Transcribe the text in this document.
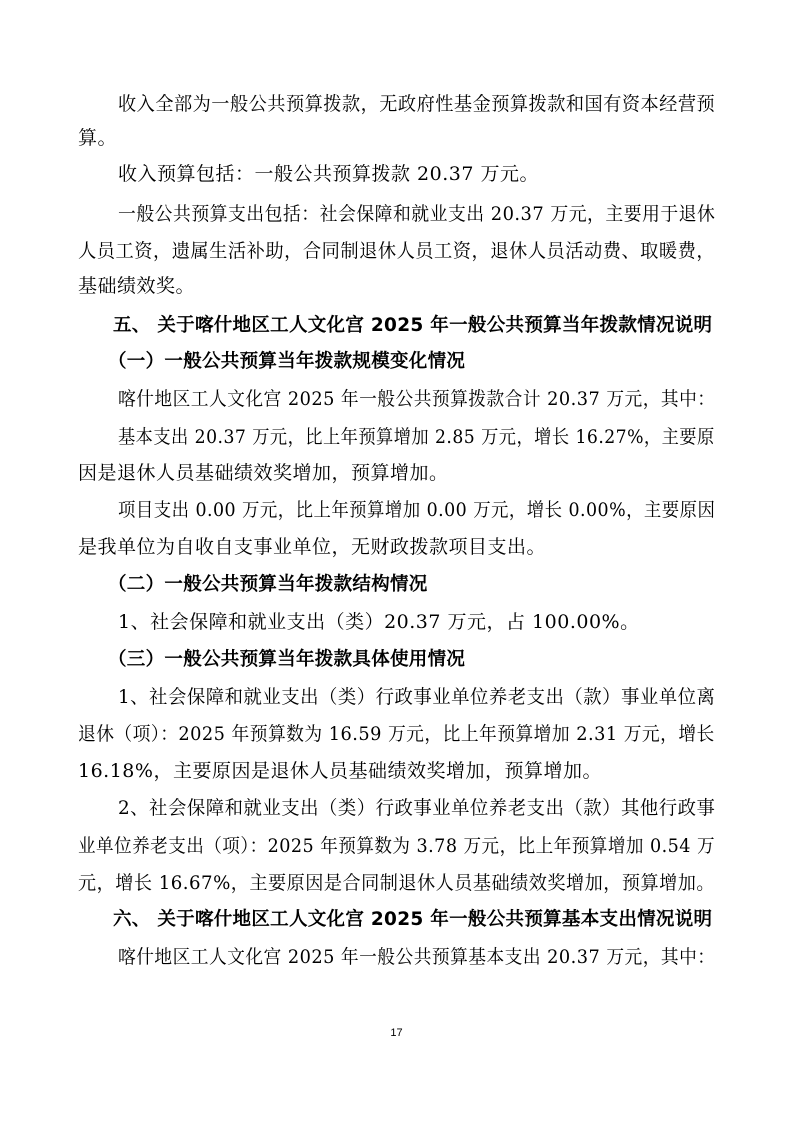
收入全部为一般公共预算拨款，无政府性基金预算拨款和国有资本经营预
算。
收入预算包括：一般公共预算拨款 20.37 万元。
一般公共预算支出包括：社会保障和就业支出 20.37 万元，主要用于退休
人员工资，遗属生活补助，合同制退休人员工资，退休人员活动费、取暖费，
基础绩效奖。
五、 关于喀什地区工人文化宫 2025 年一般公共预算当年拨款情况说明
（一）一般公共预算当年拨款规模变化情况
喀什地区工人文化宫 2025 年一般公共预算拨款合计 20.37 万元，其中：
基本支出 20.37 万元，比上年预算增加 2.85 万元，增长 16.27%，主要原
因是退休人员基础绩效奖增加，预算增加。
项目支出 0.00 万元，比上年预算增加 0.00 万元，增长 0.00%，主要原因
是我单位为自收自支事业单位，无财政拨款项目支出。
（二）一般公共预算当年拨款结构情况
1、社会保障和就业支出（类）20.37 万元，占 100.00%。
（三）一般公共预算当年拨款具体使用情况
1、社会保障和就业支出（类）行政事业单位养老支出（款）事业单位离
退休（项）：2025 年预算数为 16.59 万元，比上年预算增加 2.31 万元，增长
16.18%，主要原因是退休人员基础绩效奖增加，预算增加。
2、社会保障和就业支出（类）行政事业单位养老支出（款）其他行政事
业单位养老支出（项）：2025 年预算数为 3.78 万元，比上年预算增加 0.54 万
元，增长 16.67%，主要原因是合同制退休人员基础绩效奖增加，预算增加。
六、 关于喀什地区工人文化宫 2025 年一般公共预算基本支出情况说明
喀什地区工人文化宫 2025 年一般公共预算基本支出 20.37 万元，其中：
17
